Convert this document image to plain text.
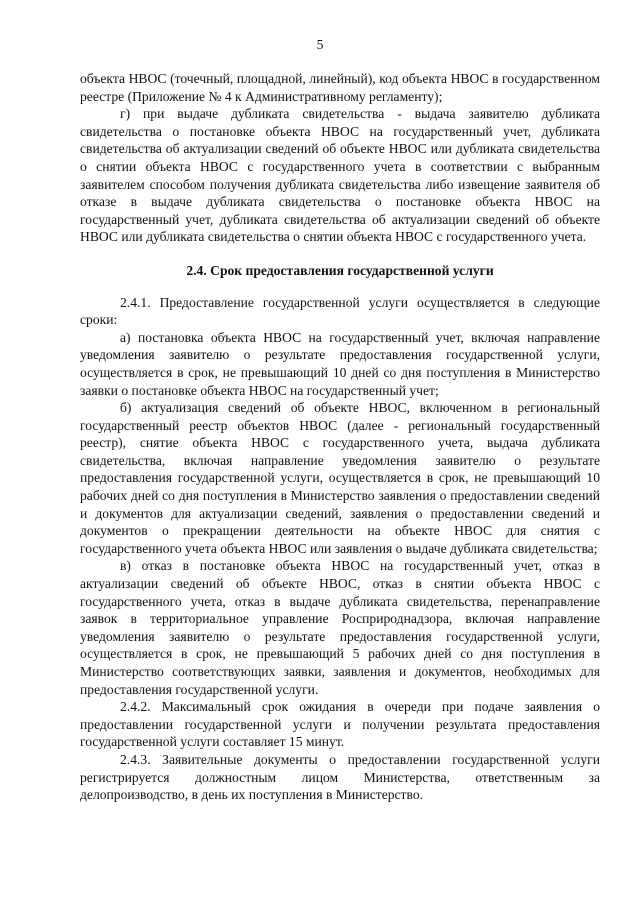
5

объекта НВОС (точечный, площадной, линейный), код объекта НВОС в государственном реестре (Приложение № 4 к Административному регламенту);

г) при выдаче дубликата свидетельства - выдача заявителю дубликата свидетельства о постановке объекта НВОС на государственный учет, дубликата свидетельства об актуализации сведений об объекте НВОС или дубликата свидетельства о снятии объекта НВОС с государственного учета в соответствии с выбранным заявителем способом получения дубликата свидетельства либо извещение заявителя об отказе в выдаче дубликата свидетельства о постановке объекта НВОС на государственный учет, дубликата свидетельства об актуализации сведений об объекте НВОС или дубликата свидетельства о снятии объекта НВОС с государственного учета.

2.4. Срок предоставления государственной услуги

2.4.1. Предоставление государственной услуги осуществляется в следующие сроки:

а) постановка объекта НВОС на государственный учет, включая направление уведомления заявителю о результате предоставления государственной услуги, осуществляется в срок, не превышающий 10 дней со дня поступления в Министерство заявки о постановке объекта НВОС на государственный учет;

б) актуализация сведений об объекте НВОС, включенном в региональный государственный реестр объектов НВОС (далее - региональный государственный реестр), снятие объекта НВОС с государственного учета, выдача дубликата свидетельства, включая направление уведомления заявителю о результате предоставления государственной услуги, осуществляется в срок, не превышающий 10 рабочих дней со дня поступления в Министерство заявления о предоставлении сведений и документов для актуализации сведений, заявления о предоставлении сведений и документов о прекращении деятельности на объекте НВОС для снятия с государственного учета объекта НВОС или заявления о выдаче дубликата свидетельства;

в) отказ в постановке объекта НВОС на государственный учет, отказ в актуализации сведений об объекте НВОС, отказ в снятии объекта НВОС с государственного учета, отказ в выдаче дубликата свидетельства, перенаправление заявок в территориальное управление Росприроднадзора, включая направление уведомления заявителю о результате предоставления государственной услуги, осуществляется в срок, не превышающий 5 рабочих дней со дня поступления в Министерство соответствующих заявки, заявления и документов, необходимых для предоставления государственной услуги.

2.4.2. Максимальный срок ожидания в очереди при подаче заявления о предоставлении государственной услуги и получении результата предоставления государственной услуги составляет 15 минут.

2.4.3. Заявительные документы о предоставлении государственной услуги регистрируется должностным лицом Министерства, ответственным за делопроизводство, в день их поступления в Министерство.
